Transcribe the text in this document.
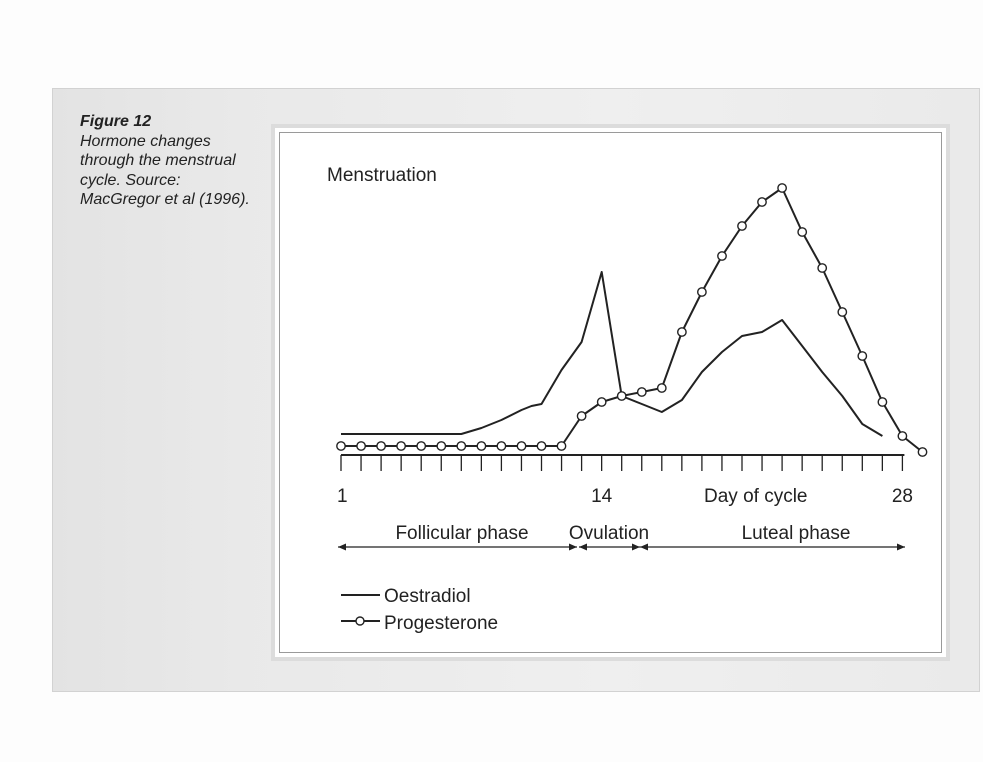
Figure 12
Hormone changes through the menstrual cycle. Source: MacGregor et al (1996).
Menstruation
Day of cycle
1	14	28
Follicular phase Ovulation	Luteal phase
Oestradiol
Progesterone
